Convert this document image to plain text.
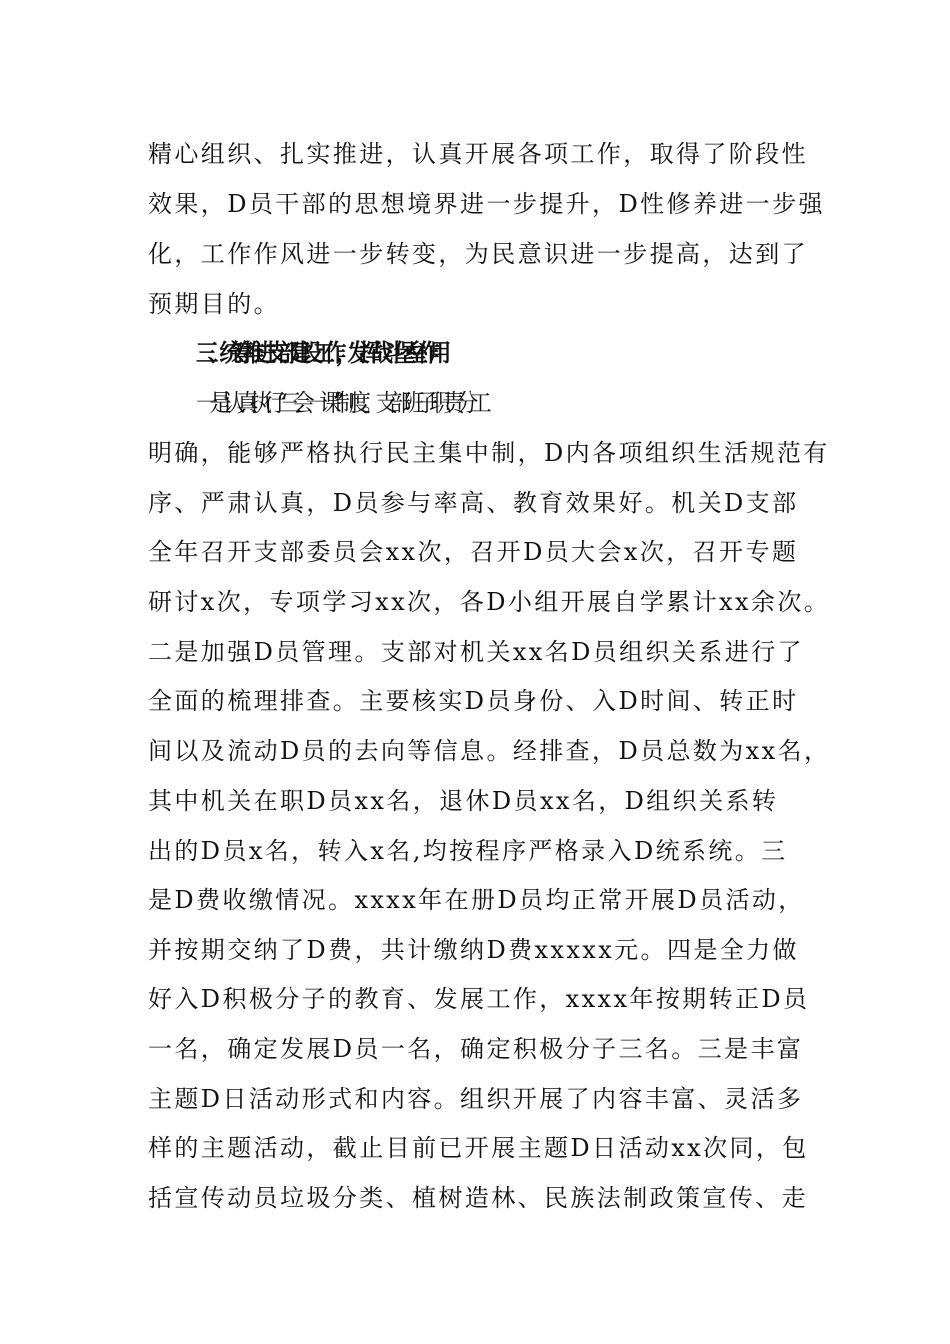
精心组织、扎实推进，认真开展各项工作，取得了阶段性
效果，D员干部的思想境界进一步提升，D性修养进一步强
化，工作作风进一步转变，为民意识进一步提高，达到了
预期目的。
三、统筹推进支部建设工作，发挥战斗堡垒作用
一是认真执行“三会一课”制度。支部班子职责分工
明确，能够严格执行民主集中制，D内各项组织生活规范有
序、严肃认真，D员参与率高、教育效果好。机关D支部
全年召开支部委员会xx次，召开D员大会x次，召开专题
研讨x次，专项学习xx次，各D小组开展自学累计xx余次。
二是加强D员管理。支部对机关xx名D员组织关系进行了
全面的梳理排查。主要核实D员身份、入D时间、转正时
间以及流动D员的去向等信息。经排查，D员总数为xx名，
其中机关在职D员xx名，退休D员xx名，D组织关系转
出的D员x名，转入x名,均按程序严格录入D统系统。三
是D费收缴情况。xxxx年在册D员均正常开展D员活动，
并按期交纳了D费，共计缴纳D费xxxxx元。四是全力做
好入D积极分子的教育、发展工作，xxxx年按期转正D员
一名，确定发展D员一名，确定积极分子三名。三是丰富
主题D日活动形式和内容。组织开展了内容丰富、灵活多
样的主题活动，截止目前已开展主题D日活动xx次同，包
括宣传动员垃圾分类、植树造林、民族法制政策宣传、走
